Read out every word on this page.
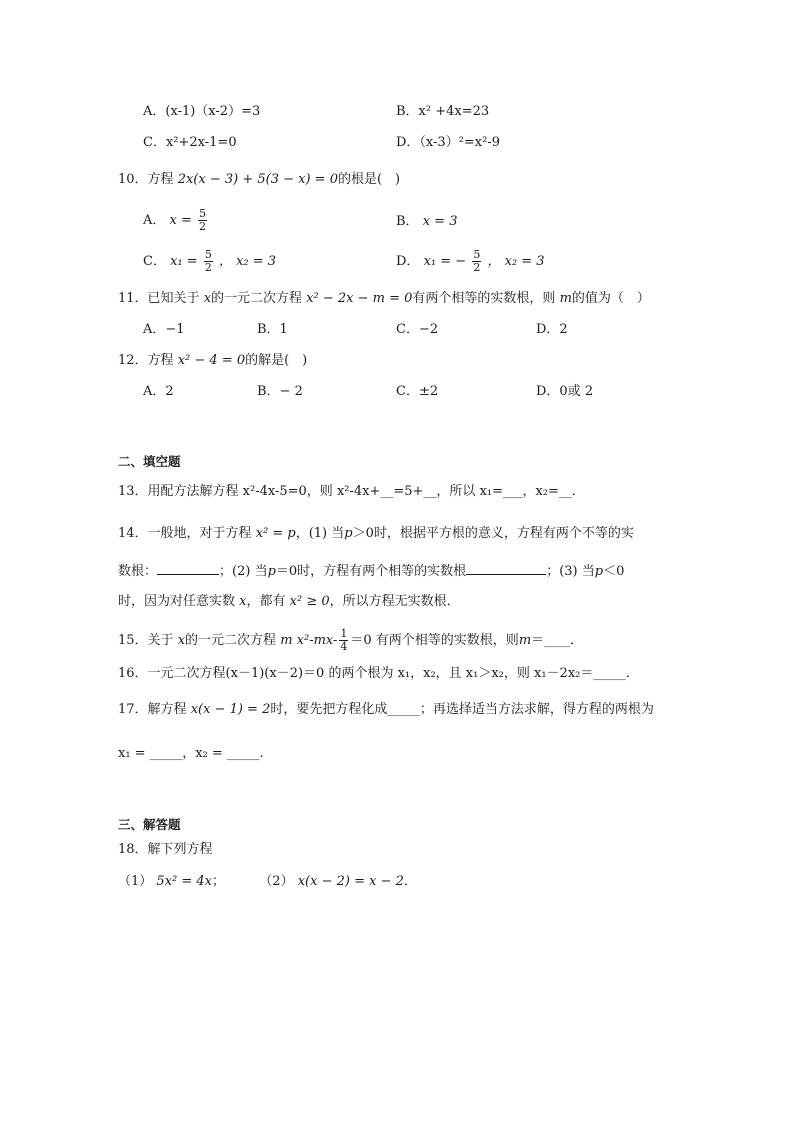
A．(x-1)（x-2）=3	B．x² +4x=23
C．x²+2x-1=0	D．（x-3）²=x²-9
10．方程 2x(x − 3) + 5(3 − x) = 0的根是(　)
A． $x = \frac{5}{2}$	B． x = 3
C． $x_1 = \frac{5}{2}$ ， x₂ = 3	D． x₁ = − $\frac{5}{2}$ ， x₂ = 3
11．已知关于 x的一元二次方程 x² − 2x − m = 0有两个相等的实数根，则 m的值为（　）
A．−1	B．1	C．−2	D．2
12．方程 x² − 4 = 0的解是(　)
A．2	B．− 2	C．±2	D．0或 2
二、填空题
13．用配方法解方程 x²-4x-5=0，则 x²-4x+__=5+__，所以 x₁=___，x₂=__．
14．一般地，对于方程 x² = p，(1) 当p＞0时，根据平方根的意义，方程有两个不等的实
数根：	；(2) 当p＝0时，方程有两个相等的实数根	；(3) 当p＜0
时，因为对任意实数 x，都有 x² ≥ 0，所以方程无实数根．
15．关于 x的一元二次方程 m $x^2-mx- \frac{1}{4} =0$ 有两个相等的实数根，则m＝____．
16．一元二次方程(x－1)(x－2)＝0 的两个根为 x₁，x₂，且 x₁＞x₂，则 x₁－2x₂＝_____．
17．解方程 x(x − 1) = 2时，要先把方程化成_____；再选择适当方法求解，得方程的两根为
x₁ = _____，x₂ = _____.
三、解答题
18．解下列方程
（1） 5x² = 4x；	（2） x(x − 2) = x − 2．
